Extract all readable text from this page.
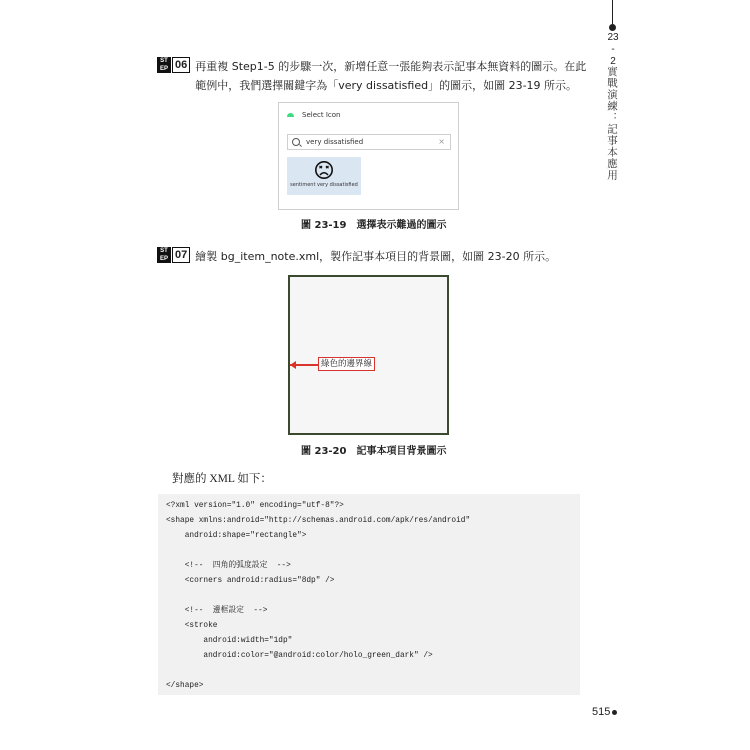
23
-
2
實戰演練：記事本應用
ST
EP 06 再重複 Step1-5 的步驟一次，新增任意一張能夠表示記事本無資料的圖示。在此

範例中，我們選擇關鍵字為「very dissatisfied」的圖示，如圖 23-19 所示。

Select Icon
very dissatisfied	×
sentiment very dissatisfied
圖 23-19　選擇表示難過的圖示
ST
EP 07 繪製 bg_item_note.xml，製作記事本項目的背景圖，如圖 23-20 所示。

綠色的邊界線
圖 23-20　記事本項目背景圖示
對應的 XML 如下：
<?xml version="1.0" encoding="utf-8"?>
<shape xmlns:android="http://schemas.android.com/apk/res/android"
android:shape="rectangle">
<!--  四角的弧度設定  -->
<corners android:radius="8dp" />
<!--  邊框設定  -->
<stroke
android:width="1dp"
android:color="@android:color/holo_green_dark" />
</shape>
515
